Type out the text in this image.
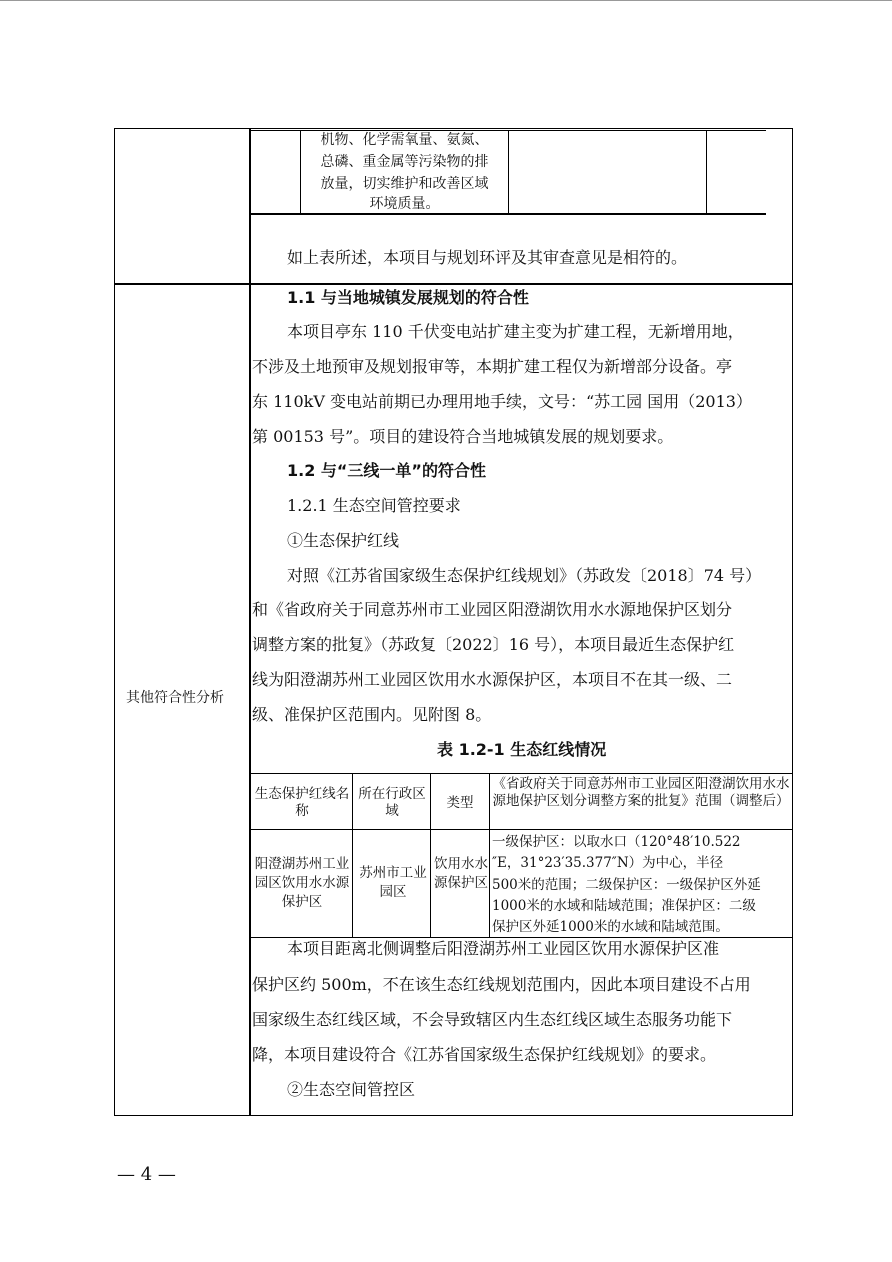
机物、化学需氧量、氨氮、
总磷、重金属等污染物的排
放量，切实维护和改善区域
环境质量。
如上表所述，本项目与规划环评及其审查意见是相符的。
其他符合性分析
1.1 与当地城镇发展规划的符合性
本项目亭东 110 千伏变电站扩建主变为扩建工程，无新增用地，
不涉及土地预审及规划报审等，本期扩建工程仅为新增部分设备。亭
东 110kV 变电站前期已办理用地手续，文号：“苏工园 国用（2013）
第 00153 号”。项目的建设符合当地城镇发展的规划要求。
1.2 与“三线一单”的符合性
1.2.1 生态空间管控要求
①生态保护红线
对照《江苏省国家级生态保护红线规划》（苏政发〔2018〕74 号）
和《省政府关于同意苏州市工业园区阳澄湖饮用水水源地保护区划分
调整方案的批复》（苏政复〔2022〕16 号），本项目最近生态保护红
线为阳澄湖苏州工业园区饮用水水源保护区，本项目不在其一级、二
级、准保护区范围内。见附图 8。
表 1.2-1 生态红线情况
生态保护红线名称
所在行政区域	类型
《省政府关于同意苏州市工业园区阳澄湖饮用水水源地保护区划分调整方案的批复》范围（调整后）
阳澄湖苏州工业园区饮用水水源保护区
苏州市工业园区
饮用水水源保护区
一级保护区：以取水口（120°48′10.522
″E，31°23′35.377″N）为中心，半径
500米的范围；二级保护区：一级保护区外延
1000米的水域和陆域范围；准保护区：二级
保护区外延1000米的水域和陆域范围。
本项目距离北侧调整后阳澄湖苏州工业园区饮用水源保护区准
保护区约 500m，不在该生态红线规划范围内，因此本项目建设不占用
国家级生态红线区域，不会导致辖区内生态红线区域生态服务功能下
降，本项目建设符合《江苏省国家级生态保护红线规划》的要求。
②生态空间管控区
— 4 —
